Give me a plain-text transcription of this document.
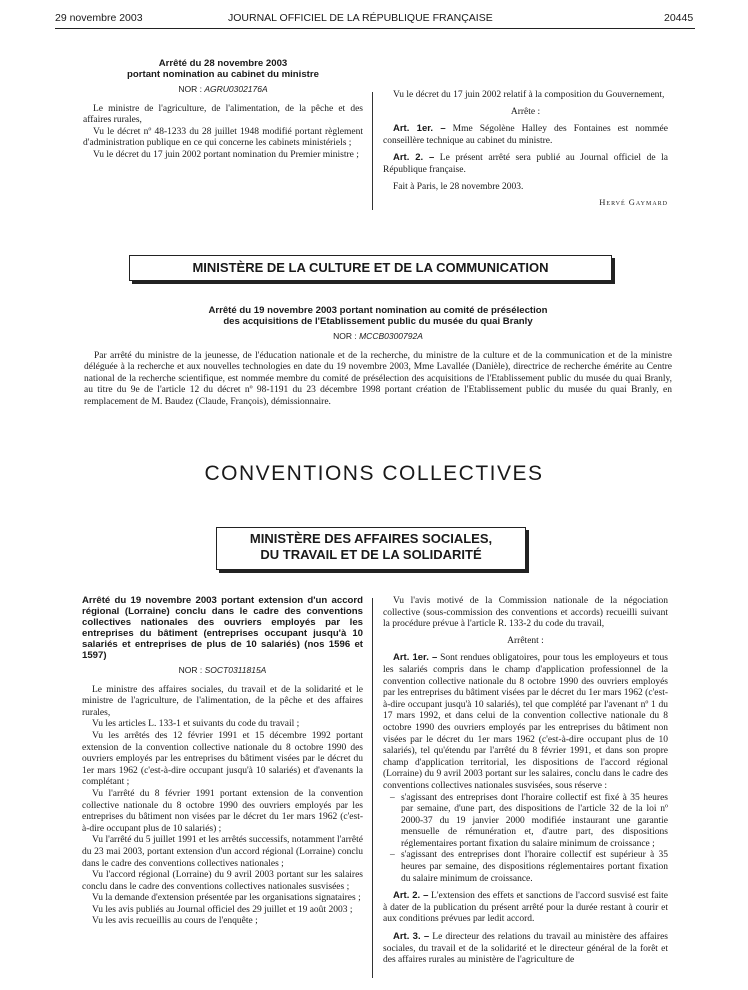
29 novembre 2003	JOURNAL OFFICIEL DE LA RÉPUBLIQUE FRANÇAISE	20445
Arrêté du 28 novembre 2003
portant nomination au cabinet du ministre
NOR : AGRU0302176A

Le ministre de l'agriculture, de l'alimentation, de la pêche et des affaires rurales,

Vu le décret nº 48-1233 du 28 juillet 1948 modifié portant règlement d'administration publique en ce qui concerne les cabinets ministériels ;

Vu le décret du 17 juin 2002 portant nomination du Premier ministre ;

Vu le décret du 17 juin 2002 relatif à la composition du Gouvernement,

Arrête :

Art. 1er. – Mme Ségolène Halley des Fontaines est nommée conseillère technique au cabinet du ministre.

Art. 2. – Le présent arrêté sera publié au Journal officiel de la République française.

Fait à Paris, le 28 novembre 2003.

Hervé Gaymard
MINISTÈRE DE LA CULTURE ET DE LA COMMUNICATION
Arrêté du 19 novembre 2003 portant nomination au comité de présélection
des acquisitions de l'Etablissement public du musée du quai Branly
NOR : MCCB0300792A

Par arrêté du ministre de la jeunesse, de l'éducation nationale et de la recherche, du ministre de la culture et de la communication et de la ministre déléguée à la recherche et aux nouvelles technologies en date du 19 novembre 2003, Mme Lavallée (Danièle), directrice de recherche émérite au Centre national de la recherche scientifique, est nommée membre du comité de présélection des acquisitions de l'Etablissement public du musée du quai Branly, au titre du 9e de l'article 12 du décret nº 98-1191 du 23 décembre 1998 portant création de l'Etablissement public du musée du quai Branly, en remplacement de M. Baudez (Claude, François), démissionnaire.

CONVENTIONS COLLECTIVES
MINISTÈRE DES AFFAIRES SOCIALES,
DU TRAVAIL ET DE LA SOLIDARITÉ
Arrêté du 19 novembre 2003 portant extension d'un accord régional (Lorraine) conclu dans le cadre des conventions collectives nationales des ouvriers employés par les entreprises du bâtiment (entreprises occupant jusqu'à 10 salariés et entreprises de plus de 10 salariés) (nos 1596 et 1597)
NOR : SOCT0311815A

Le ministre des affaires sociales, du travail et de la solidarité et le ministre de l'agriculture, de l'alimentation, de la pêche et des affaires rurales,

Vu les articles L. 133-1 et suivants du code du travail ;

Vu les arrêtés des 12 février 1991 et 15 décembre 1992 portant extension de la convention collective nationale du 8 octobre 1990 des ouvriers employés par les entreprises du bâtiment visées par le décret du 1er mars 1962 (c'est-à-dire occupant jusqu'à 10 salariés) et d'avenants la complétant ;

Vu l'arrêté du 8 février 1991 portant extension de la convention collective nationale du 8 octobre 1990 des ouvriers employés par les entreprises du bâtiment non visées par le décret du 1er mars 1962 (c'est-à-dire occupant plus de 10 salariés) ;

Vu l'arrêté du 5 juillet 1991 et les arrêtés successifs, notamment l'arrêté du 23 mai 2003, portant extension d'un accord régional (Lorraine) conclu dans le cadre des conventions collectives nationales ;

Vu l'accord régional (Lorraine) du 9 avril 2003 portant sur les salaires conclu dans le cadre des conventions collectives nationales susvisées ;

Vu la demande d'extension présentée par les organisations signataires ;

Vu les avis publiés au Journal officiel des 29 juillet et 19 août 2003 ;

Vu les avis recueillis au cours de l'enquête ;

Vu l'avis motivé de la Commission nationale de la négociation collective (sous-commission des conventions et accords) recueilli suivant la procédure prévue à l'article R. 133-2 du code du travail,

Arrêtent :

Art. 1er. – Sont rendues obligatoires, pour tous les employeurs et tous les salariés compris dans le champ d'application professionnel de la convention collective nationale du 8 octobre 1990 des ouvriers employés par les entreprises du bâtiment visées par le décret du 1er mars 1962 (c'est-à-dire occupant jusqu'à 10 salariés), tel que complété par l'avenant nº 1 du 17 mars 1992, et dans celui de la convention collective nationale du 8 octobre 1990 des ouvriers employés par les entreprises du bâtiment non visées par le décret du 1er mars 1962 (c'est-à-dire occupant plus de 10 salariés), tel qu'étendu par l'arrêté du 8 février 1991, et dans son propre champ d'application territorial, les dispositions de l'accord régional (Lorraine) du 9 avril 2003 portant sur les salaires, conclu dans le cadre des conventions collectives nationales susvisées, sous réserve :

– s'agissant des entreprises dont l'horaire collectif est fixé à 35 heures par semaine, d'une part, des dispositions de l'article 32 de la loi nº 2000-37 du 19 janvier 2000 modifiée instaurant une garantie mensuelle de rémunération et, d'autre part, des dispositions réglementaires portant fixation du salaire minimum de croissance ;
– s'agissant des entreprises dont l'horaire collectif est supérieur à 35 heures par semaine, des dispositions réglementaires portant fixation du salaire minimum de croissance.

Art. 2. – L'extension des effets et sanctions de l'accord susvisé est faite à dater de la publication du présent arrêté pour la durée restant à courir et aux conditions prévues par ledit accord.

Art. 3. – Le directeur des relations du travail au ministère des affaires sociales, du travail et de la solidarité et le directeur général de la forêt et des affaires rurales au ministère de l'agriculture de
